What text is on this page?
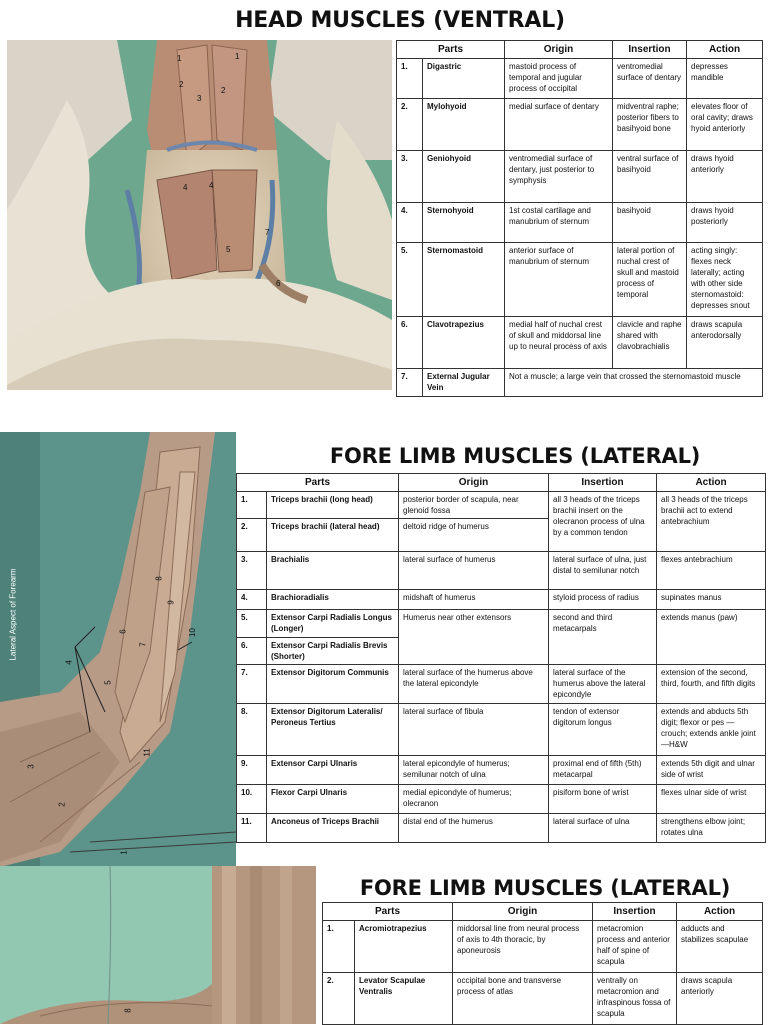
HEAD MUSCLES (VENTRAL)
FORE LIMB MUSCLES (LATERAL)
FORE LIMB MUSCLES (LATERAL)
1	1
2
3
2
4	4
5
7
6
Parts		Origin	Insertion	Action
1.	Digastric	mastoid process of temporal and jugular process of occipital	ventromedial surface of dentary	depresses mandible
2.	Mylohyoid	medial surface of dentary	midventral raphe; posterior fibers to basihyoid bone	elevates floor of oral cavity; draws hyoid anteriorly
3.	Geniohyoid	ventromedial surface of dentary, just posterior to symphysis	ventral surface of basihyoid	draws hyoid anteriorly
4.	Sternohyoid	1st costal cartilage and manubrium of sternum	basihyoid	draws hyoid posteriorly
5.	Sternomastoid	anterior surface of manubrium of sternum	lateral portion of nuchal crest of skull and mastoid process of temporal	acting singly: flexes neck laterally; acting with other side sternomastoid: depresses snout
6.	Clavotrapezius	medial half of nuchal crest of skull and middorsal line up to neural process of axis	clavicle and raphe shared with clavobrachialis	draws scapula anterodorsally
7.	External Jugular Vein	Not a muscle; a large vein that crossed the sternomastoid muscle		
Lateral Aspect of Forearm	10
9
8
7
6
5
4
3
2
1
11
Parts		Origin	Insertion	Action
1.	Triceps brachii (long head)	posterior border of scapula, near glenoid fossa	all 3 heads of the triceps brachii insert on the olecranon process of ulna by a common tendon	all 3 heads of the triceps brachii act to extend antebrachium
2.	Triceps brachii (lateral head)	deltoid ridge of humerus		
3.	Brachialis	lateral surface of humerus	lateral surface of ulna, just distal to semilunar notch	flexes antebrachium
4.	Brachioradialis	midshaft of humerus	styloid process of radius	supinates manus
5.	Extensor Carpi Radialis Longus (Longer)	Humerus near other extensors	second and third metacarpals	extends manus (paw)
6.	Extensor Carpi Radialis Brevis (Shorter)			
7.	Extensor Digitorum Communis	lateral surface of the humerus above the lateral epicondyle	lateral surface of the humerus above the lateral epicondyle	extension of the second, third, fourth, and fifth digits
8.	Extensor Digitorum Lateralis/ Peroneus Tertius	lateral surface of fibula	tendon of extensor digitorum longus	extends and abducts 5th digit; flexor or pes — crouch; extends ankle joint—H&W
9.	Extensor Carpi Ulnaris	lateral epicondyle of humerus; semilunar notch of ulna	proximal end of fifth (5th) metacarpal	extends 5th digit and ulnar side of wrist
10.	Flexor Carpi Ulnaris	medial epicondyle of humerus; olecranon	pisiform bone of wrist	flexes ulnar side of wrist
11.	Anconeus of Triceps Brachii	distal end of the humerus	lateral surface of ulna	strengthens elbow joint; rotates ulna
8
Parts		Origin	Insertion	Action
1.	Acromiotrapezius	middorsal line from neural process of axis to 4th thoracic, by aponeurosis	metacromion process and anterior half of spine of scapula	adducts and stabilizes scapulae
2.	Levator Scapulae Ventralis	occipital bone and transverse process of atlas	ventrally on metacromion and infraspinous fossa of scapula	draws scapula anteriorly
